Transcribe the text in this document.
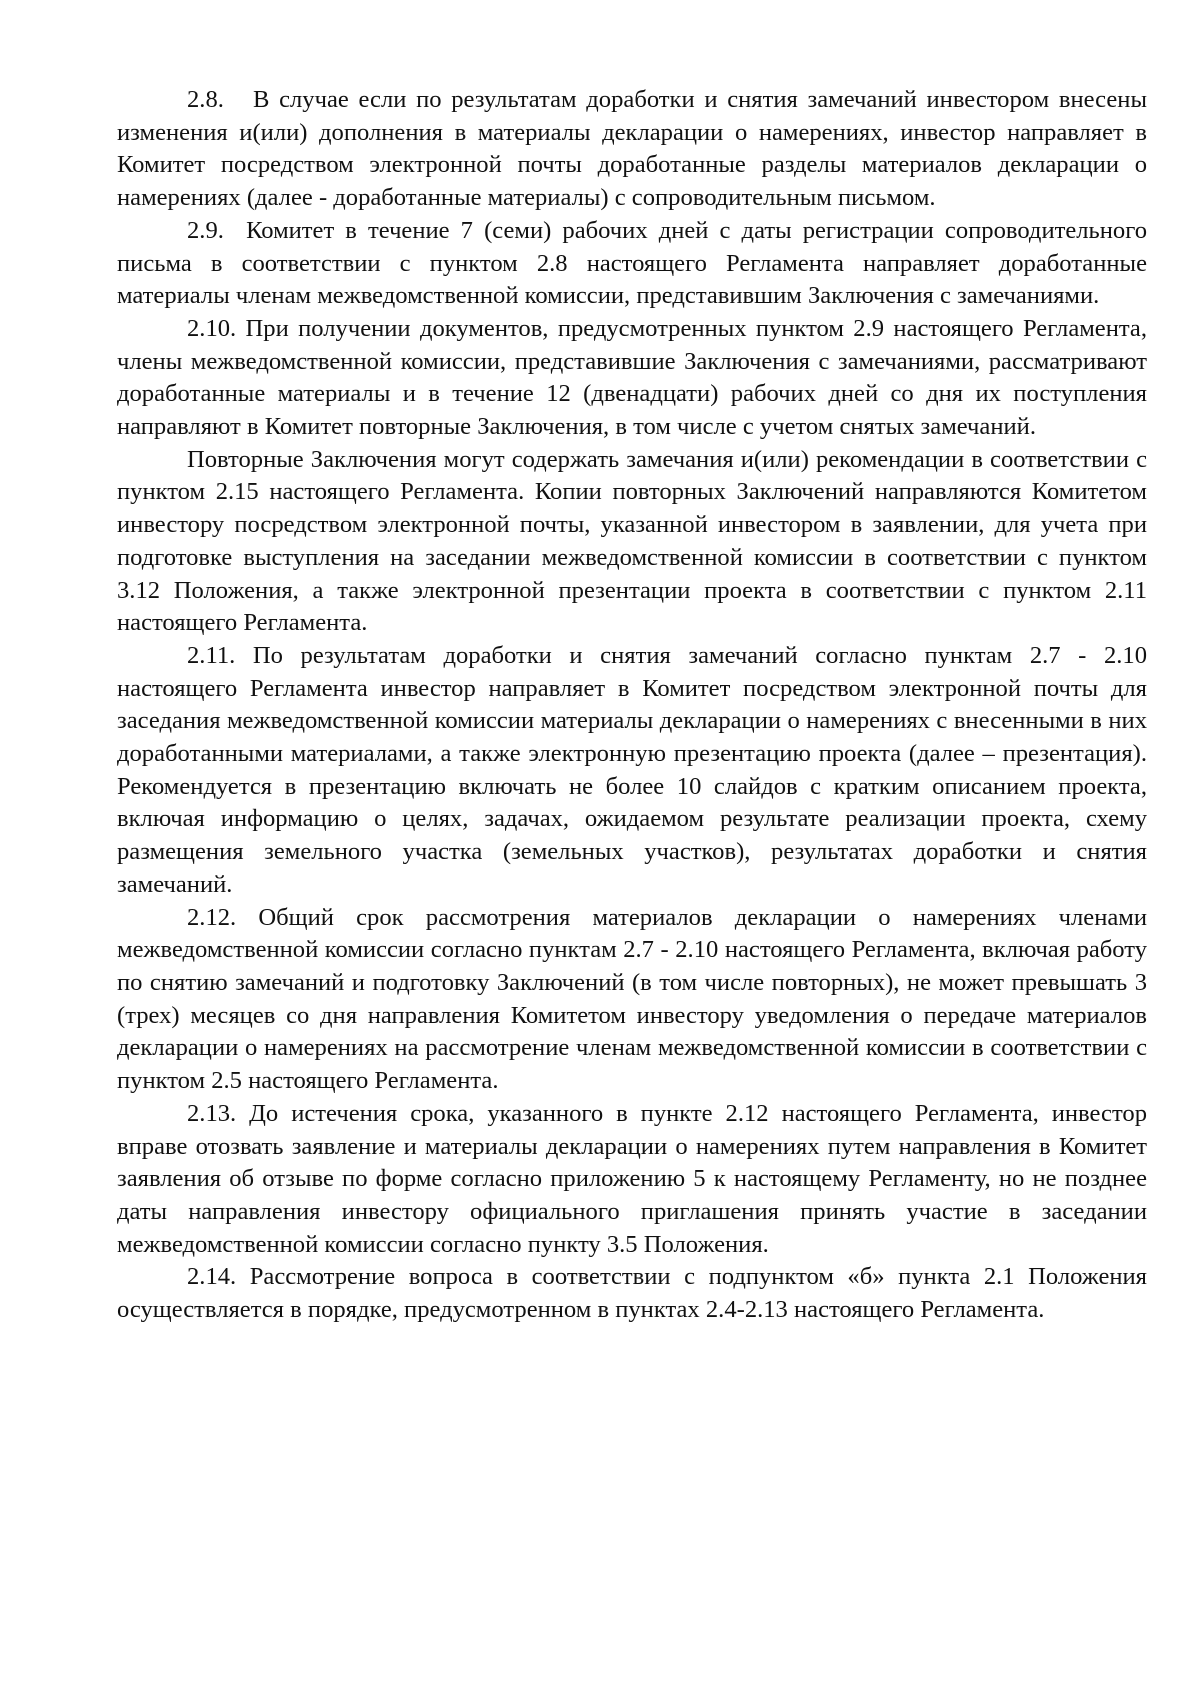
2.8.   В случае если по результатам доработки и снятия замечаний инвестором внесены изменения и(или) дополнения в материалы декларации о намерениях, инвестор направляет в Комитет посредством электронной почты доработанные разделы материалов декларации о намерениях (далее - доработанные материалы) с сопроводительным письмом.

2.9.  Комитет в течение 7 (семи) рабочих дней с даты регистрации сопроводительного письма в соответствии с пунктом 2.8 настоящего Регламента направляет доработанные материалы членам межведомственной комиссии, представившим Заключения с замечаниями.

2.10. При получении документов, предусмотренных пунктом 2.9 настоящего Регламента, члены межведомственной комиссии, представившие Заключения с замечаниями, рассматривают доработанные материалы и в течение 12 (двенадцати) рабочих дней со дня их поступления направляют в Комитет повторные Заключения, в том числе с учетом снятых замечаний.

Повторные Заключения могут содержать замечания и(или) рекомендации в соответствии с пунктом 2.15 настоящего Регламента. Копии повторных Заключений направляются Комитетом инвестору посредством электронной почты, указанной инвестором в заявлении, для учета при подготовке выступления на заседании межведомственной комиссии в соответствии с пунктом 3.12 Положения, а также электронной презентации проекта в соответствии с пунктом 2.11 настоящего Регламента.

2.11. По результатам доработки и снятия замечаний согласно пунктам 2.7 - 2.10 настоящего Регламента инвестор направляет в Комитет посредством электронной почты для заседания межведомственной комиссии материалы декларации о намерениях с внесенными в них доработанными материалами, а также электронную презентацию проекта (далее – презентация). Рекомендуется в презентацию включать не более 10 слайдов с кратким описанием проекта, включая информацию о целях, задачах, ожидаемом результате реализации проекта, схему размещения земельного участка (земельных участков), результатах доработки и снятия замечаний.

2.12. Общий срок рассмотрения материалов декларации о намерениях членами межведомственной комиссии согласно пунктам 2.7 - 2.10 настоящего Регламента, включая работу по снятию замечаний и подготовку Заключений (в том числе повторных), не может превышать 3 (трех) месяцев со дня направления Комитетом инвестору уведомления о передаче материалов декларации о намерениях на рассмотрение членам межведомственной комиссии в соответствии с пунктом 2.5 настоящего Регламента.

2.13. До истечения срока, указанного в пункте 2.12 настоящего Регламента, инвестор вправе отозвать заявление и материалы декларации о намерениях путем направления в Комитет заявления об отзыве по форме согласно приложению 5 к настоящему Регламенту, но не позднее даты направления инвестору официального приглашения принять участие в заседании межведомственной комиссии согласно пункту 3.5 Положения.

2.14. Рассмотрение вопроса в соответствии с подпунктом «б» пункта 2.1 Положения осуществляется в порядке, предусмотренном в пунктах 2.4-2.13 настоящего Регламента.
